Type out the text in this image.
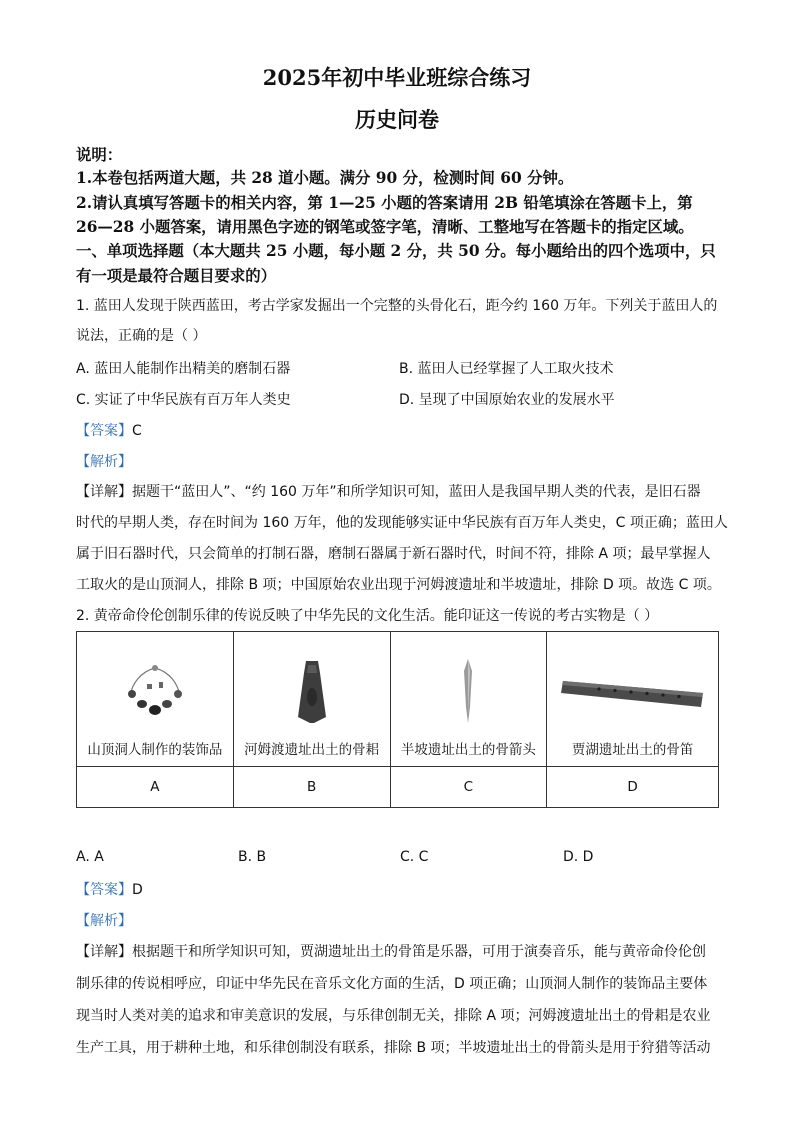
2025年初中毕业班综合练习
历史问卷
说明：
1.本卷包括两道大题，共 28 道小题。满分 90 分，检测时间 60 分钟。
2.请认真填写答题卡的相关内容，第 1—25 小题的答案请用 2B 铅笔填涂在答题卡上，第
26—28 小题答案，请用黑色字迹的钢笔或签字笔，清晰、工整地写在答题卡的指定区域。
一、单项选择题（本大题共 25 小题，每小题 2 分，共 50 分。每小题给出的四个选项中，只
有一项是最符合题目要求的）
1. 蓝田人发现于陕西蓝田，考古学家发掘出一个完整的头骨化石，距今约 160 万年。下列关于蓝田人的
说法，正确的是（ ）
A. 蓝田人能制作出精美的磨制石器	B. 蓝田人已经掌握了人工取火技术
C. 实证了中华民族有百万年人类史	D. 呈现了中国原始农业的发展水平
【答案】C
【解析】
【详解】据题干“蓝田人”、“约 160 万年”和所学知识可知，蓝田人是我国早期人类的代表，是旧石器
时代的早期人类，存在时间为 160 万年，他的发现能够实证中华民族有百万年人类史，C 项正确；蓝田人
属于旧石器时代，只会简单的打制石器，磨制石器属于新石器时代，时间不符，排除 A 项；最早掌握人
工取火的是山顶洞人，排除 B 项；中国原始农业出现于河姆渡遗址和半坡遗址，排除 D 项。故选 C 项。
2. 黄帝命伶伦创制乐律的传说反映了中华先民的文化生活。能印证这一传说的考古实物是（ ）
山顶洞人制作的装饰品	河姆渡遗址出土的骨耜	半坡遗址出土的骨箭头	贾湖遗址出土的骨笛

A	B	C	D
A. A	B. B	C. C	D. D
【答案】D
【解析】
【详解】根据题干和所学知识可知，贾湖遗址出土的骨笛是乐器，可用于演奏音乐，能与黄帝命伶伦创
制乐律的传说相呼应，印证中华先民在音乐文化方面的生活，D 项正确；山顶洞人制作的装饰品主要体
现当时人类对美的追求和审美意识的发展，与乐律创制无关，排除 A 项；河姆渡遗址出土的骨耜是农业
生产工具，用于耕种土地，和乐律创制没有联系，排除 B 项；半坡遗址出土的骨箭头是用于狩猎等活动
